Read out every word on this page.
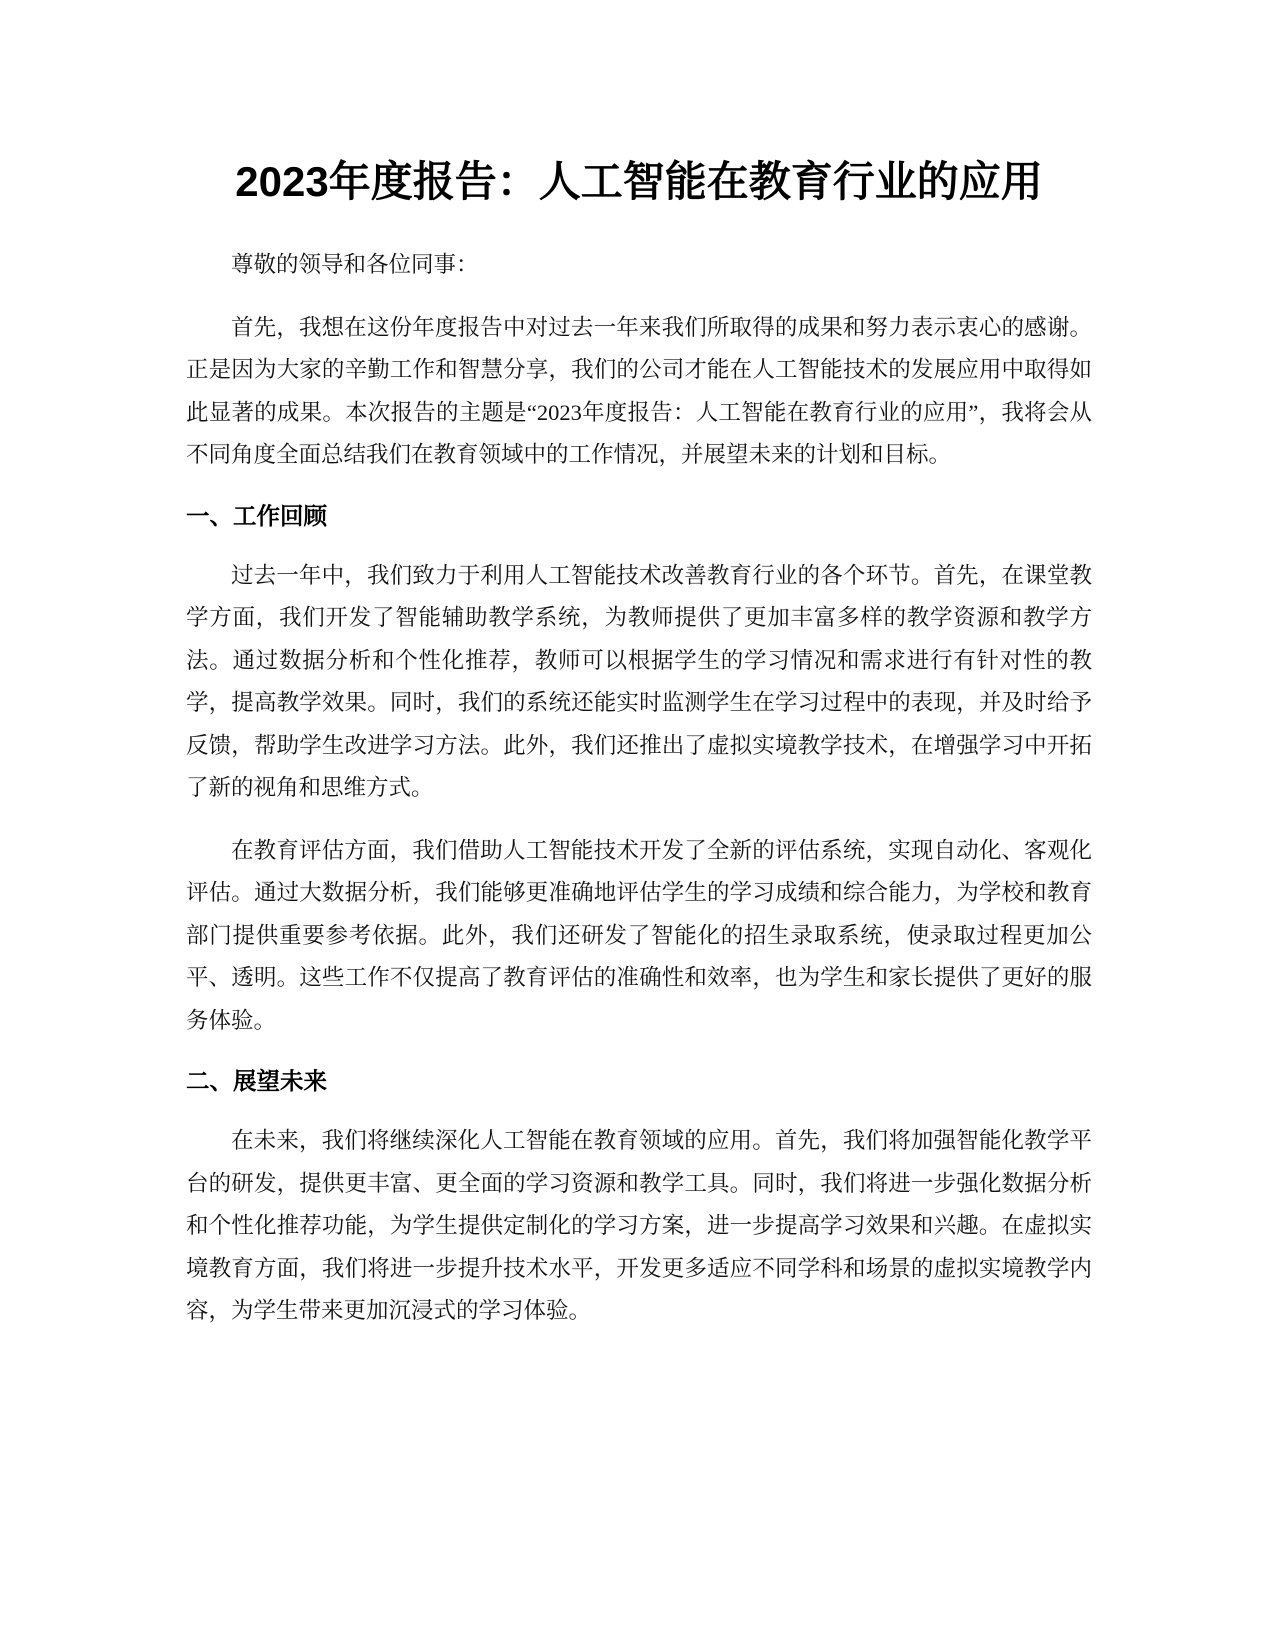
2023年度报告：人工智能在教育行业的应用

尊敬的领导和各位同事：

首先，我想在这份年度报告中对过去一年来我们所取得的成果和努力表示衷心的感谢。正是因为大家的辛勤工作和智慧分享，我们的公司才能在人工智能技术的发展应用中取得如此显著的成果。本次报告的主题是“2023年度报告：人工智能在教育行业的应用”，我将会从不同角度全面总结我们在教育领域中的工作情况，并展望未来的计划和目标。

一、工作回顾

过去一年中，我们致力于利用人工智能技术改善教育行业的各个环节。首先，在课堂教学方面，我们开发了智能辅助教学系统，为教师提供了更加丰富多样的教学资源和教学方法。通过数据分析和个性化推荐，教师可以根据学生的学习情况和需求进行有针对性的教学，提高教学效果。同时，我们的系统还能实时监测学生在学习过程中的表现，并及时给予反馈，帮助学生改进学习方法。此外，我们还推出了虚拟实境教学技术，在增强学习中开拓了新的视角和思维方式。

在教育评估方面，我们借助人工智能技术开发了全新的评估系统，实现自动化、客观化评估。通过大数据分析，我们能够更准确地评估学生的学习成绩和综合能力，为学校和教育部门提供重要参考依据。此外，我们还研发了智能化的招生录取系统，使录取过程更加公平、透明。这些工作不仅提高了教育评估的准确性和效率，也为学生和家长提供了更好的服务体验。

二、展望未来

在未来，我们将继续深化人工智能在教育领域的应用。首先，我们将加强智能化教学平台的研发，提供更丰富、更全面的学习资源和教学工具。同时，我们将进一步强化数据分析和个性化推荐功能，为学生提供定制化的学习方案，进一步提高学习效果和兴趣。在虚拟实境教育方面，我们将进一步提升技术水平，开发更多适应不同学科和场景的虚拟实境教学内容，为学生带来更加沉浸式的学习体验。
